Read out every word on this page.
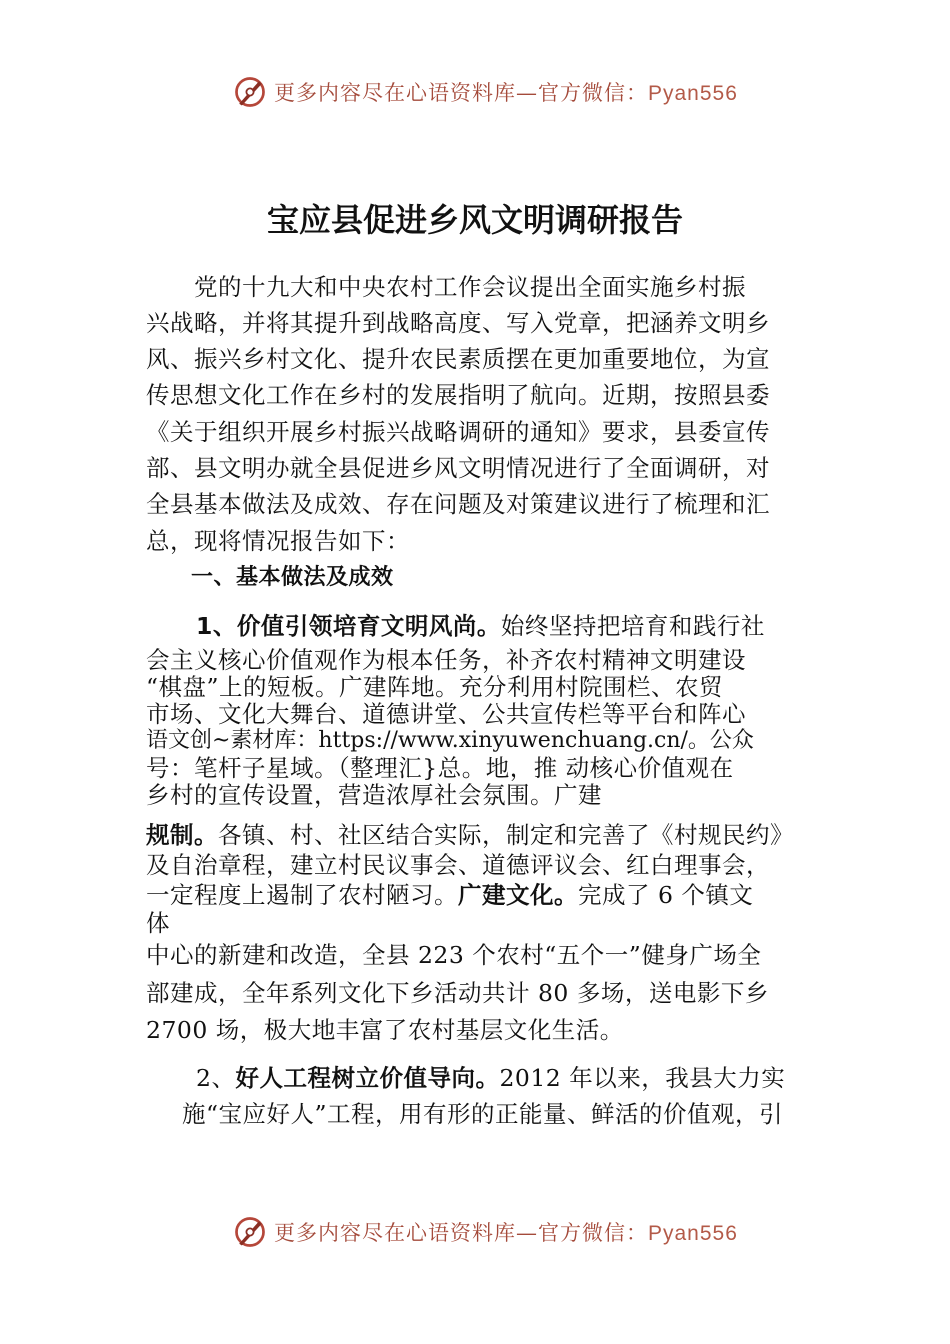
更多内容尽在心语资料库—官方微信：Pyan556
宝应县促进乡风文明调研报告
　　党的十九大和中央农村工作会议提出全面实施乡村振
兴战略，并将其提升到战略高度、写入党章，把涵养文明乡
风、振兴乡村文化、提升农民素质摆在更加重要地位，为宣
传思想文化工作在乡村的发展指明了航向。近期，按照县委
《关于组织开展乡村振兴战略调研的通知》要求，县委宣传
部、县文明办就全县促进乡风文明情况进行了全面调研，对
全县基本做法及成效、存在问题及对策建议进行了梳理和汇
总，现将情况报告如下：
　　一、基本做法及成效
1、价值引领培育文明风尚。始终坚持把培育和践行社
会主义核心价值观作为根本任务，补齐农村精神文明建设
“棋盘”上的短板。广建阵地。充分利用村院围栏、农贸
市场、文化大舞台、道德讲堂、公共宣传栏等平台和阵心
语文创~素材库：https://www.xinyuwenchuang.cn/。公众
号：笔杆子星域。（整理汇}总。地，推 动核心价值观在
乡村的宣传设置，营造浓厚社会氛围。广建
规制。各镇、村、社区结合实际，制定和完善了《村规民约》
及自治章程，建立村民议事会、道德评议会、红白理事会，
一定程度上遏制了农村陋习。广建文化。完成了 6 个镇文
体
中心的新建和改造，全县 223 个农村“五个一”健身广场全
部建成，全年系列文化下乡活动共计 80 多场，送电影下乡
2700 场，极大地丰富了农村基层文化生活。
2、好人工程树立价值导向。2012 年以来，我县大力实
施“宝应好人”工程，用有形的正能量、鲜活的价值观，引
更多内容尽在心语资料库—官方微信：Pyan556
